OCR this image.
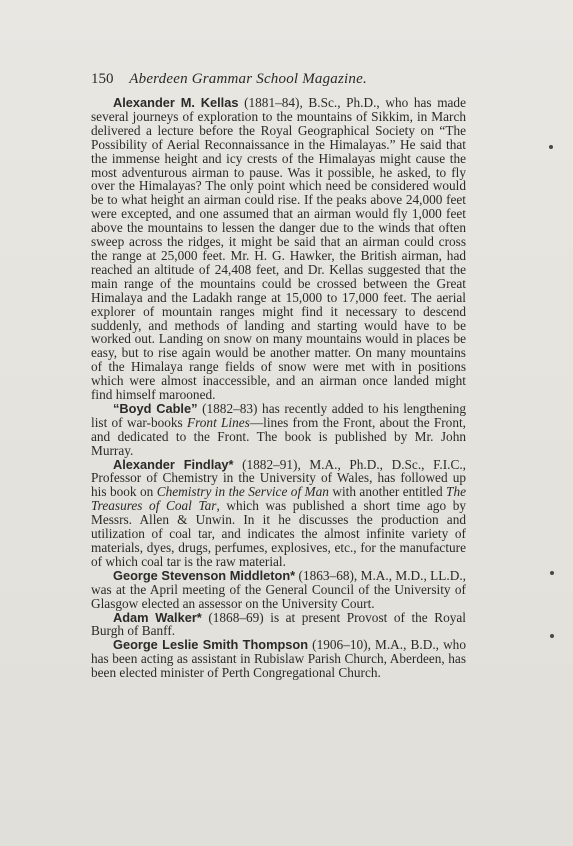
150 Aberdeen Grammar School Magazine.

Alexander M. Kellas (1881–84), B.Sc., Ph.D., who has made several journeys of exploration to the mountains of Sikkim, in March delivered a lecture before the Royal Geographical Society on “The Possibility of Aerial Reconnaissance in the Himalayas.” He said that the immense height and icy crests of the Himalayas might cause the most adventurous airman to pause. Was it possible, he asked, to fly over the Himalayas? The only point which need be considered would be to what height an airman could rise. If the peaks above 24,000 feet were excepted, and one assumed that an airman would fly 1,000 feet above the mountains to lessen the danger due to the winds that often sweep across the ridges, it might be said that an airman could cross the range at 25,000 feet. Mr. H. G. Hawker, the British airman, had reached an altitude of 24,408 feet, and Dr. Kellas suggested that the main range of the mountains could be crossed between the Great Himalaya and the Ladakh range at 15,000 to 17,000 feet. The aerial explorer of mountain ranges might find it necessary to descend suddenly, and methods of landing and starting would have to be worked out. Landing on snow on many mountains would in places be easy, but to rise again would be another matter. On many mountains of the Himalaya range fields of snow were met with in positions which were almost inaccessible, and an airman once landed might find himself marooned.

“Boyd Cable” (1882–83) has recently added to his lengthening list of war-books Front Lines—lines from the Front, about the Front, and dedicated to the Front. The book is published by Mr. John Murray.

Alexander Findlay* (1882–91), M.A., Ph.D., D.Sc., F.I.C., Professor of Chemistry in the University of Wales, has followed up his book on Chemistry in the Service of Man with another entitled The Treasures of Coal Tar, which was published a short time ago by Messrs. Allen & Unwin. In it he discusses the production and utilization of coal tar, and indicates the almost infinite variety of materials, dyes, drugs, perfumes, explosives, etc., for the manufacture of which coal tar is the raw material.

George Stevenson Middleton* (1863–68), M.A., M.D., LL.D., was at the April meeting of the General Council of the University of Glasgow elected an assessor on the University Court.

Adam Walker* (1868–69) is at present Provost of the Royal Burgh of Banff.

George Leslie Smith Thompson (1906–10), M.A., B.D., who has been acting as assistant in Rubislaw Parish Church, Aberdeen, has been elected minister of Perth Congregational Church.
